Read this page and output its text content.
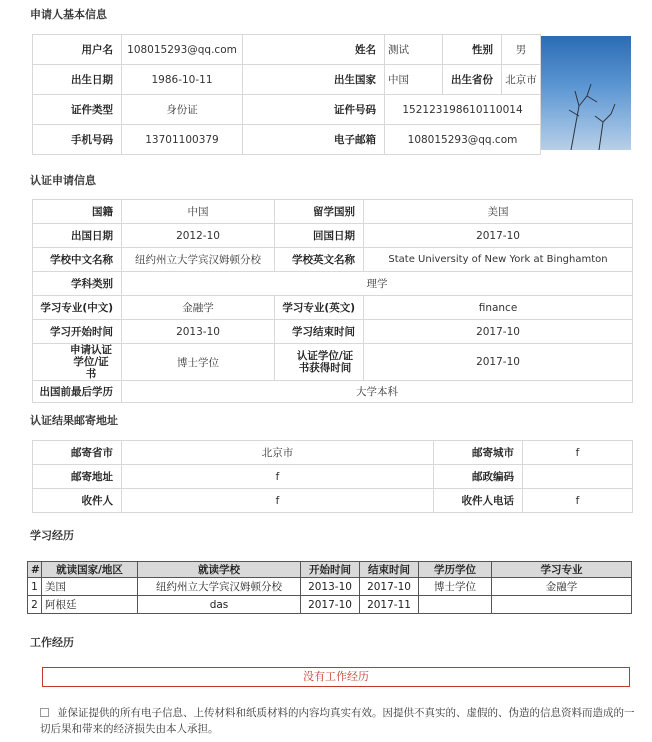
申请人基本信息
用户名	108015293@qq.com	姓名	测试	性别	男
出生日期	1986-10-11	出生国家	中国	出生省份	北京市
证件类型	身份证	证件号码	152123198610110014		
手机号码	13701100379	电子邮箱	108015293@qq.com		
认证申请信息
国籍	中国	留学国别	美国
出国日期	2012-10	回国日期	2017-10
学校中文名称	纽约州立大学宾汉姆顿分校	学校英文名称	State University of New York at Binghamton
学科类别	理学		
学习专业(中文)	金融学	学习专业(英文)	finance
学习开始时间	2013-10	学习结束时间	2017-10
申请认证学位/证书	博士学位	认证学位/证书获得时间	2017-10
出国前最后学历	大学本科		
认证结果邮寄地址
邮寄省市	北京市	邮寄城市	f
邮寄地址	f	邮政编码	
收件人	f	收件人电话	f
学习经历
#	就读国家/地区	就读学校	开始时间	结束时间	学历学位	学习专业
1	美国	纽约州立大学宾汉姆顿分校	2013-10	2017-10	博士学位	金融学
2	阿根廷	das	2017-10	2017-11		
工作经历
没有工作经历
並保证提供的所有电子信息、上传材料和纸质材料的内容均真实有效。因提供不真实的、虚假的、伪造的信息资料而造成的一切后果和带来的经济损失由本人承担。
